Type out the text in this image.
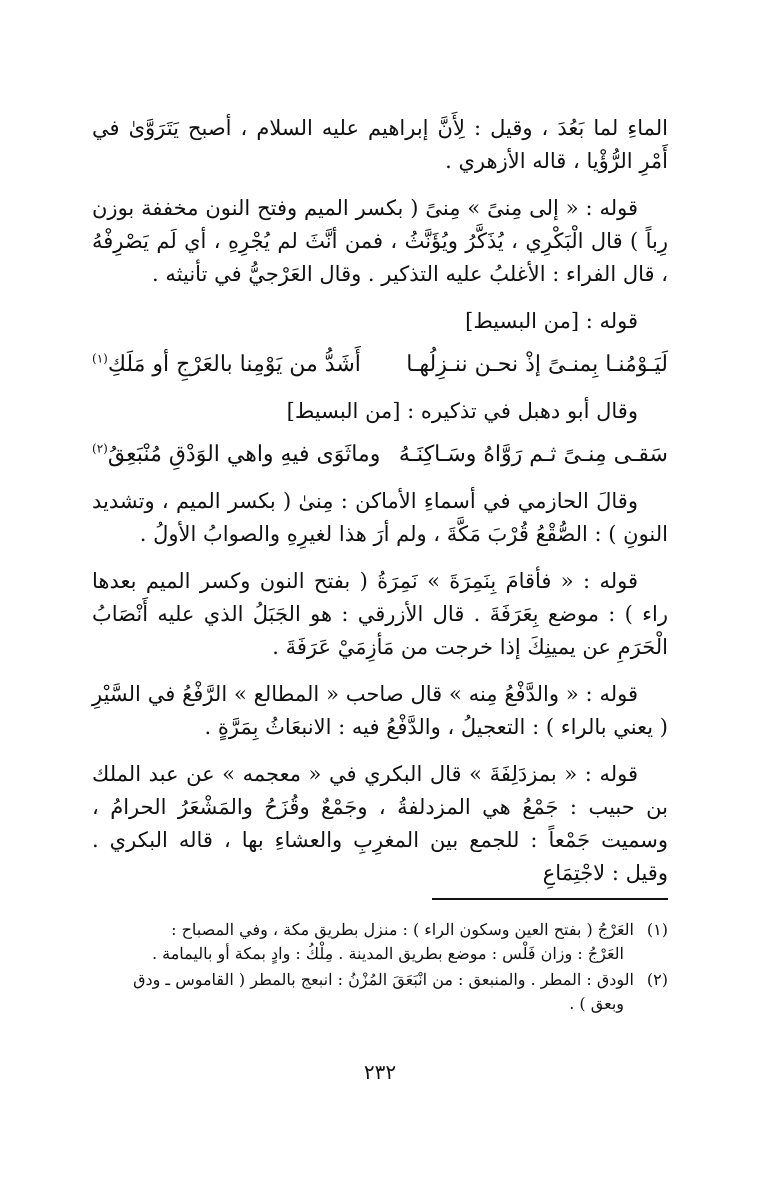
الماءِ لما بَعُدَ ، وقيل : لِأَنَّ إبراهيم عليه السلام ، أصبح يَتَرَوَّىٰ في أَمْرِ الرُّؤْيا ، قاله الأزهري .

قوله : « إلى مِنىً » مِنىً ( بكسر الميم وفتح النون مخففة بوزن رِباً ) قال الْبَكْرِي ، يُذَكَّرُ ويُؤَنَّثُ ، فمن أنَّثَ لم يُجْرِهِ ، أي لَم يَصْرِفْهُ ، قال الفراء : الأغلبُ عليه التذكير . وقال العَرْجيُّ في تأنيثه .

قوله : [من البسيط]

لَيَـوْمُنـا بِمنـىً إذْ نحـن ننـزِلُهـا
أَشَدُّ من يَوْمِنا بالعَرْجِ أو مَلَكِ$^{(١)}$

وقال أبو دهبل في تذكيره : [من البسيط]

سَقـى مِنـىً ثـم رَوَّاهُ وسَـاكِنَـهُ
وماثَوَى فيهِ واهي الوَدْقِ مُنْبَعِقُ$^{(٢)}$

وقالَ الحازمي في أسماءِ الأماكن : مِنىٰ ( بكسر الميم ، وتشديد النونِ ) : الصُّقْعُ قُرْبَ مَكَّةَ ، ولم أرَ هذا لغيرِهِ والصوابُ الأولُ .

قوله : « فأقامَ بِنَمِرَةَ » نَمِرَةُ ( بفتح النون وكسر الميم بعدها راء ) : موضع بِعَرَفَةَ . قال الأزرقي : هو الجَبَلُ الذي عليه أَنْصَابُ الْحَرَمِ عن يمينِكَ إذا خرجت من مَأزِمَيْ عَرَفَةَ .

قوله : « والدَّفْعُ مِنه » قال صاحب « المطالع » الرَّفْعُ في السَّيْرِ ( يعني بالراء ) : التعجيلُ ، والدَّفْعُ فيه : الانبعَاثُ بِمَرَّةٍ .

قوله : « بمزدَلِفَةَ » قال البكري في « معجمه » عن عبد الملك بن حبيب : جَمْعُ هي المزدلفةُ ، وجَمْعٌ وقُزَحُ والمَشْعَرُ الحرامُ ، وسميت جَمْعاً : للجمع بين المغرِبِ والعشاءِ بها ، قاله البكري . وقيل : لاجْتِمَاعِ

(١)

العَرْجُ ( بفتح العين وسكون الراء ) : منزل بطريق مكة ، وفي المصباح :

العَرْجُ : وزان فَلْس : موضع بطريق المدينة . مِلْكُ : وادٍ بمكة أو باليمامة .

(٢)

الودق : المطر . والمنبعق : من انْبَعَقَ المُزْنُ : انبعج بالمطر ( القاموس ـ ودق

وبعق ) .

٢٣٢
